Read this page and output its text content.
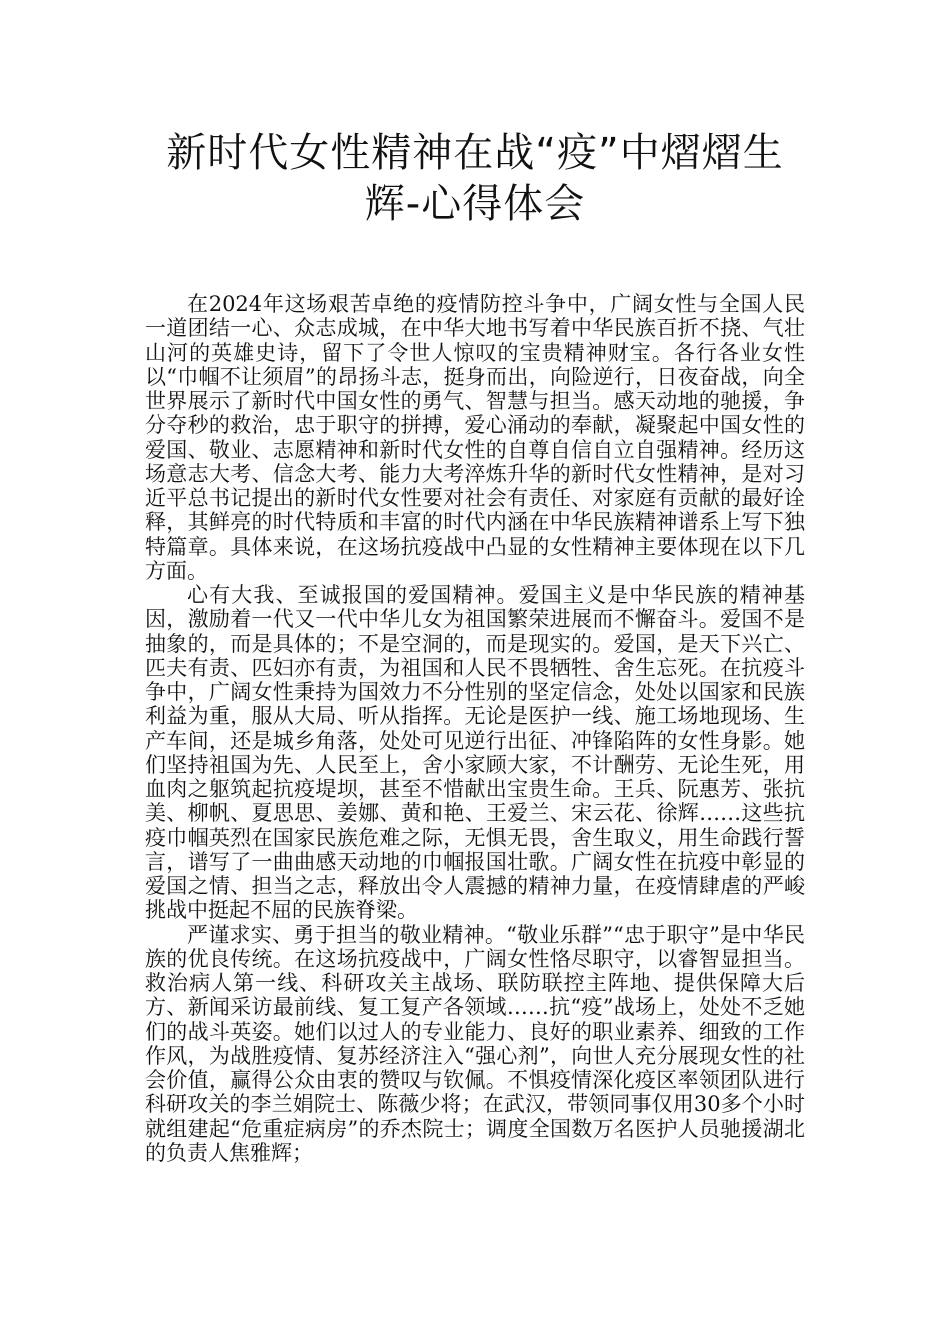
新时代女性精神在战“疫”中熠熠生
辉-心得体会

在2024年这场艰苦卓绝的疫情防控斗争中，广阔女性与全国人民一道团结一心、众志成城，在中华大地书写着中华民族百折不挠、气壮山河的英雄史诗，留下了令世人惊叹的宝贵精神财宝。各行各业女性以“巾帼不让须眉”的昂扬斗志，挺身而出，向险逆行，日夜奋战，向全世界展示了新时代中国女性的勇气、智慧与担当。感天动地的驰援，争分夺秒的救治，忠于职守的拼搏，爱心涌动的奉献，凝聚起中国女性的爱国、敬业、志愿精神和新时代女性的自尊自信自立自强精神。经历这场意志大考、信念大考、能力大考淬炼升华的新时代女性精神，是对习近平总书记提出的新时代女性要对社会有责任、对家庭有贡献的最好诠释，其鲜亮的时代特质和丰富的时代内涵在中华民族精神谱系上写下独特篇章。具体来说，在这场抗疫战中凸显的女性精神主要体现在以下几方面。

心有大我、至诚报国的爱国精神。爱国主义是中华民族的精神基因，激励着一代又一代中华儿女为祖国繁荣进展而不懈奋斗。爱国不是抽象的，而是具体的；不是空洞的，而是现实的。爱国，是天下兴亡、匹夫有责、匹妇亦有责，为祖国和人民不畏牺牲、舍生忘死。在抗疫斗争中，广阔女性秉持为国效力不分性别的坚定信念，处处以国家和民族利益为重，服从大局、听从指挥。无论是医护一线、施工场地现场、生产车间，还是城乡角落，处处可见逆行出征、冲锋陷阵的女性身影。她们坚持祖国为先、人民至上，舍小家顾大家，不计酬劳、无论生死，用血肉之躯筑起抗疫堤坝，甚至不惜献出宝贵生命。王兵、阮惠芳、张抗美、柳帆、夏思思、姜娜、黄和艳、王爱兰、宋云花、徐辉……这些抗疫巾帼英烈在国家民族危难之际，无惧无畏，舍生取义，用生命践行誓言，谱写了一曲曲感天动地的巾帼报国壮歌。广阔女性在抗疫中彰显的爱国之情、担当之志，释放出令人震撼的精神力量，在疫情肆虐的严峻挑战中挺起不屈的民族脊梁。

严谨求实、勇于担当的敬业精神。“敬业乐群”“忠于职守”是中华民族的优良传统。在这场抗疫战中，广阔女性恪尽职守，以睿智显担当。救治病人第一线、科研攻关主战场、联防联控主阵地、提供保障大后方、新闻采访最前线、复工复产各领域……抗“疫”战场上，处处不乏她们的战斗英姿。她们以过人的专业能力、良好的职业素养、细致的工作作风，为战胜疫情、复苏经济注入“强心剂”，向世人充分展现女性的社会价值，赢得公众由衷的赞叹与钦佩。不惧疫情深化疫区率领团队进行科研攻关的李兰娟院士、陈薇少将；在武汉，带领同事仅用30多个小时就组建起“危重症病房”的乔杰院士；调度全国数万名医护人员驰援湖北的负责人焦雅辉；
